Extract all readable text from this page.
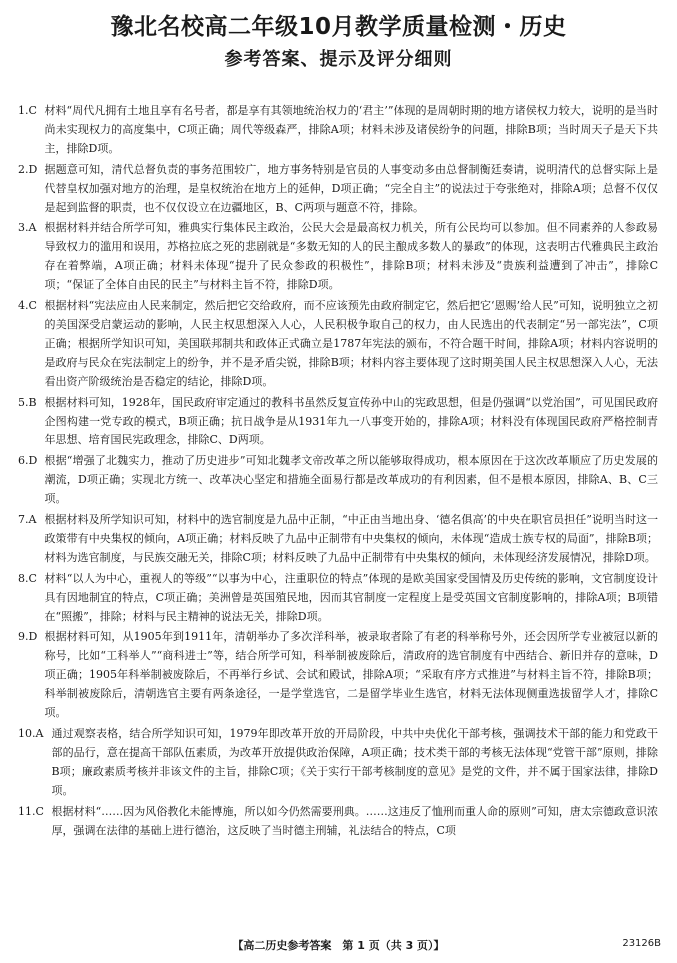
豫北名校高二年级10月教学质量检测・历史
参考答案、提示及评分细则
1. C 材料“周代凡拥有土地且享有名号者，都是享有其领地统治权力的‘君主’”体现的是周朝时期的地方诸侯权力较大，说明的是当时尚未实现权力的高度集中，C项正确；周代等级森严，排除A项；材料未涉及诸侯纷争的问题，排除B项；当时周天子是天下共主，排除D项。
2. D 据题意可知，清代总督负责的事务范围较广，地方事务特别是官员的人事变动多由总督制衡廷奏请，说明清代的总督实际上是代替皇权加强对地方的治理，是皇权统治在地方上的延伸，D项正确；“完全自主”的说法过于夸张绝对，排除A项；总督不仅仅是起到监督的职责，也不仅仅设立在边疆地区，B、C两项与题意不符，排除。
3. A 根据材料并结合所学可知，雅典实行集体民主政治，公民大会是最高权力机关，所有公民均可以参加。但不同素养的人参政易导致权力的滥用和误用，苏格拉底之死的悲剧就是“多数无知的人的民主酿成多数人的暴政”的体现，这表明古代雅典民主政治存在着弊端，A项正确；材料未体现“提升了民众参政的积极性”，排除B项；材料未涉及“贵族利益遭到了冲击”，排除C项；“保证了全体自由民的民主”与材料主旨不符，排除D项。
4. C 根据材料“宪法应由人民来制定，然后把它交给政府，而不应该预先由政府制定它，然后把它‘恩赐’给人民”可知，说明独立之初的美国深受启蒙运动的影响，人民主权思想深入人心，人民积极争取自己的权力，由人民选出的代表制定“另一部宪法”，C项正确；根据所学知识可知，美国联邦制共和政体正式确立是1787年宪法的颁布，不符合题干时间，排除A项；材料内容说明的是政府与民众在宪法制定上的纷争，并不是矛盾尖锐，排除B项；材料内容主要体现了这时期美国人民主权思想深入人心，无法看出资产阶级统治是否稳定的结论，排除D项。
5. B 根据材料可知，1928年，国民政府审定通过的教科书虽然反复宣传孙中山的宪政思想，但是仍强调“以党治国”，可见国民政府企图构建一党专政的模式，B项正确；抗日战争是从1931年九一八事变开始的，排除A项；材料没有体现国民政府严格控制青年思想、培育国民宪政理念，排除C、D两项。
6. D 根据“增强了北魏实力，推动了历史进步”可知北魏孝文帝改革之所以能够取得成功，根本原因在于这次改革顺应了历史发展的潮流，D项正确；实现北方统一、改革决心坚定和措施全面易行都是改革成功的有利因素，但不是根本原因，排除A、B、C三项。
7. A 根据材料及所学知识可知，材料中的选官制度是九品中正制，“中正由当地出身、‘德名俱高’的中央在职官员担任”说明当时这一政策带有中央集权的倾向，A项正确；材料反映了九品中正制带有中央集权的倾向，未体现“造成士族专权的局面”，排除B项；材料为选官制度，与民族交融无关，排除C项；材料反映了九品中正制带有中央集权的倾向，未体现经济发展情况，排除D项。
8. C 材料“以人为中心，重视人的等级”“以事为中心，注重职位的特点”体现的是欧美国家受国情及历史传统的影响，文官制度设计具有因地制宜的特点，C项正确；美洲曾是英国殖民地，因而其官制度一定程度上是受英国文官制度影响的，排除A项；B项错在“照搬”，排除；材料与民主精神的说法无关，排除D项。
9. D 根据材料可知，从1905年到1911年，清朝举办了多次洋科举，被录取者除了有老的科举称号外，还会因所学专业被冠以新的称号，比如“工科举人”“商科进士”等，结合所学可知，科举制被废除后，清政府的选官制度有中西结合、新旧并存的意味，D项正确；1905年科举制被废除后，不再举行乡试、会试和殿试，排除A项；“采取有序方式推进”与材料主旨不符，排除B项；科举制被废除后，清朝选官主要有两条途径，一是学堂选官，二是留学毕业生选官，材料无法体现侧重选拔留学人才，排除C项。
10. A 通过观察表格，结合所学知识可知，1979年即改革开放的开局阶段，中共中央优化干部考核，强调技术干部的能力和党政干部的品行，意在提高干部队伍素质，为改革开放提供政治保障，A项正确；技术类干部的考核无法体现“党管干部”原则，排除B项；廉政素质考核并非该文件的主旨，排除C项；《关于实行干部考核制度的意见》是党的文件，并不属于国家法律，排除D项。
11. C 根据材料“……因为风俗教化未能博施，所以如今仍然需要刑典。……这违反了恤刑而重人命的原则”可知，唐太宗德政意识浓厚，强调在法律的基础上进行德治，这反映了当时德主刑辅，礼法结合的特点，C项
【高二历史参考答案　第 1 页（共 3 页）】	23126B
